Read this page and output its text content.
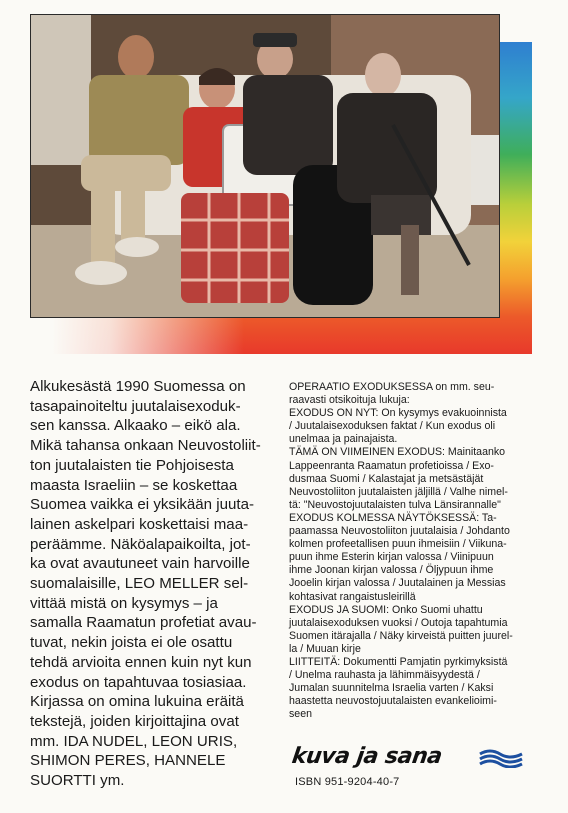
Alkukesästä 1990 Suomessa on
tasapainoiteltu juutalaisexoduk-
sen kanssa. Alkaako – eikö ala.
Mikä tahansa onkaan Neuvostoliit-
ton juutalaisten tie Pohjoisesta
maasta Israeliin – se koskettaa
Suomea vaikka ei yksikään juuta-
lainen askelpari koskettaisi maa-
peräämme. Näköalapaikoilta, jot-
ka ovat avautuneet vain harvoille
suomalaisille, LEO MELLER sel-
vittää mistä on kysymys – ja
samalla Raamatun profetiat avau-
tuvat, nekin joista ei ole osattu
tehdä arvioita ennen kuin nyt kun
exodus on tapahtuvaa tosiasiaa.
Kirjassa on omina lukuina eräitä
tekstejä, joiden kirjoittajina ovat
mm. IDA NUDEL, LEON URIS,
SHIMON PERES, HANNELE
SUORTTI ym.
OPERAATIO EXODUKSESSA on mm. seu-
raavasti otsikoituja lukuja:
EXODUS ON NYT: On kysymys evakuoinnista
/ Juutalaisexoduksen faktat / Kun exodus oli
unelmaa ja painajaista.
TÄMÄ ON VIIMEINEN EXODUS: Mainitaanko
Lappeenranta Raamatun profetioissa / Exo-
dusmaa Suomi / Kalastajat ja metsästäjät
Neuvostoliiton juutalaisten jäljillä / Valhe nimel-
tä: "Neuvostojuutalaisten tulva Länsirannalle"
EXODUS KOLMESSA NÄYTÖKSESSÄ: Ta-
paamassa Neuvostoliiton juutalaisia / Johdanto
kolmen profeetallisen puun ihmeisiin / Viikuna-
puun ihme Esterin kirjan valossa / Viinipuun
ihme Joonan kirjan valossa / Öljypuun ihme
Jooelin kirjan valossa / Juutalainen ja Messias
kohtasivat rangaistusleirillä
EXODUS JA SUOMI: Onko Suomi uhattu
juutalaisexoduksen vuoksi / Outoja tapahtumia
Suomen itärajalla / Näky kirveistä puitten juurel-
la / Muuan kirje
LIITTEITÄ: Dokumentti Pamjatin pyrkimyksistä
/ Unelma rauhasta ja lähimmäisyydestä /
Jumalan suunnitelma Israelia varten / Kaksi
haastetta neuvostojuutalaisten evankelioimi-
seen
kuva ja sana
ISBN 951-9204-40-7
